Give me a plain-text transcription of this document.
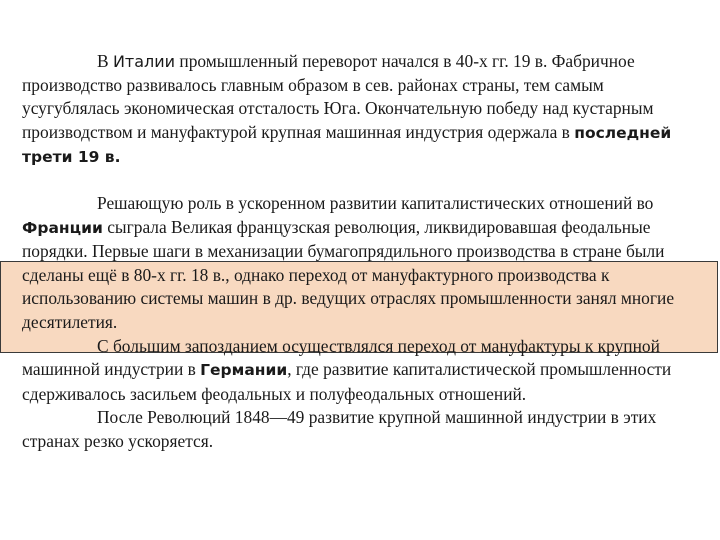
В Италии промышленный переворот начался в 40-х гг. 19 в. Фабричное производство развивалось главным образом в сев. районах страны, тем самым усугублялась экономическая отсталость Юга. Окончательную победу над кустарным производством и мануфактурой крупная машинная индустрия одержала в последней трети 19 в.

Решающую роль в ускоренном развитии капиталистических отношений во Франции сыграла Великая французская революция, ликвидировавшая феодальные порядки. Первые шаги в механизации бумагопрядильного производства в стране были сделаны ещё в 80-х гг. 18 в., однако переход от мануфактурного производства к использованию системы машин в др. ведущих отраслях промышленности занял многие десятилетия.

С большим запозданием осуществлялся переход от мануфактуры к крупной машинной индустрии в Германии, где развитие капиталистической промышленности сдерживалось засильем феодальных и полуфеодальных отношений.

После Революций 1848—49 развитие крупной машинной индустрии в этих странах резко ускоряется.
